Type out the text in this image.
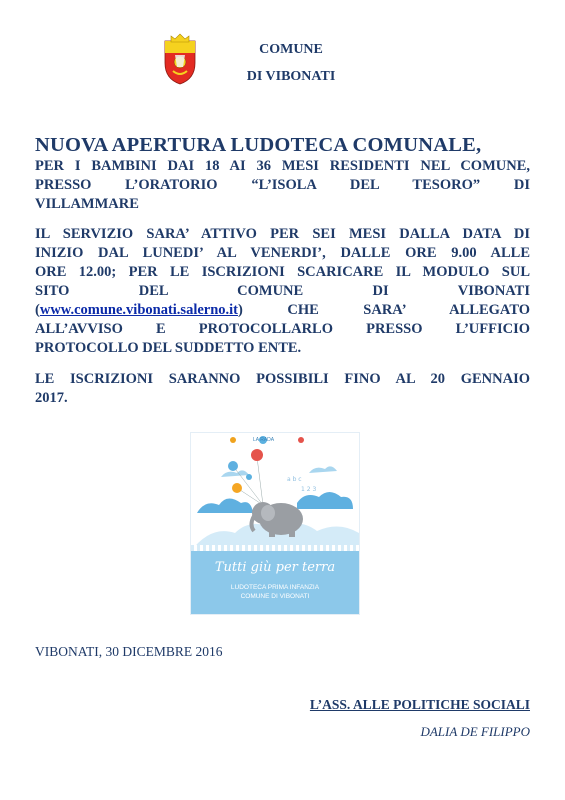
COMUNE
DI VIBONATI
NUOVA APERTURA LUDOTECA COMUNALE,
PER I BAMBINI DAI 18 AI 36 MESI RESIDENTI NEL COMUNE,
PRESSO L’ORATORIO “L’ISOLA DEL TESORO” DI
VILLAMMARE
IL SERVIZIO SARA’ ATTIVO PER SEI MESI DALLA DATA DI
INIZIO DAL LUNEDI’ AL VENERDI’, DALLE ORE 9.00 ALLE
ORE 12.00; PER LE ISCRIZIONI SCARICARE IL MODULO SUL
SITO DEL COMUNE DI VIBONATI
(www.comune.vibonati.salerno.it)	CHE SARA’ ALLEGATO
ALL’AVVISO E PROTOCOLLARLO PRESSO L’UFFICIO
PROTOCOLLO DEL SUDDETTO ENTE.
LE ISCRIZIONI SARANNO POSSIBILI FINO AL 20 GENNAIO
2017.
a b c
1 2 3
LA RADA
Tutti giù per terra
LUDOTECA PRIMA INFANZIA
COMUNE DI VIBONATI
VIBONATI, 30 DICEMBRE 2016
L’ASS. ALLE POLITICHE SOCIALI
DALIA DE FILIPPO
